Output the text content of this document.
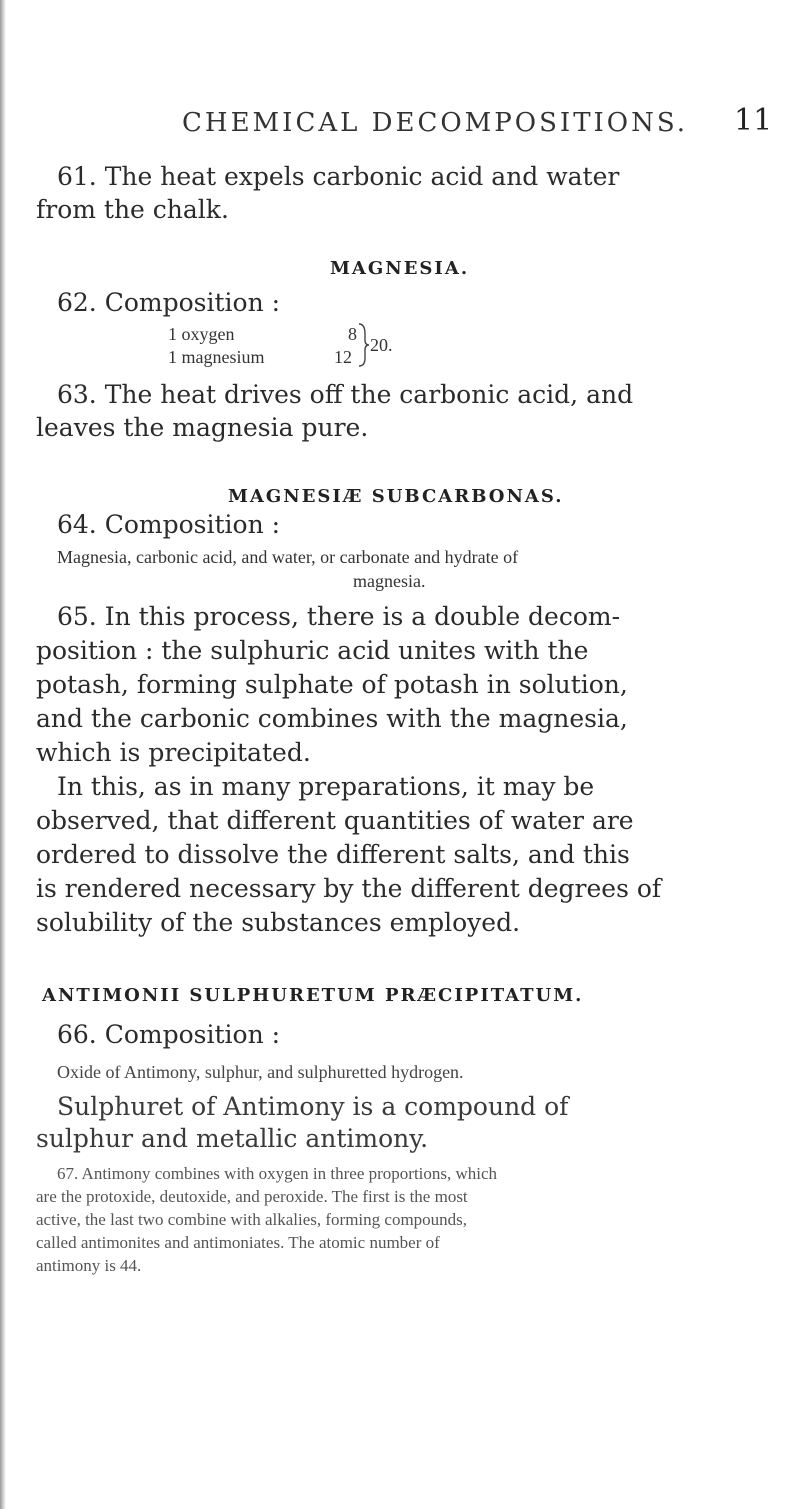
CHEMICAL DECOMPOSITIONS. 11
61. The heat expels carbonic acid and water
from the chalk.
MAGNESIA.
62. Composition :
1 oxygen	8
1 magnesium	12
20.
63. The heat drives off the carbonic acid, and
leaves the magnesia pure.
MAGNESIÆ SUBCARBONAS.
64. Composition :
Magnesia, carbonic acid, and water, or carbonate and hydrate of
magnesia.
65. In this process, there is a double decom-
position : the sulphuric acid unites with the
potash, forming sulphate of potash in solution,
and the carbonic combines with the magnesia,
which is precipitated.
In this, as in many preparations, it may be
observed, that different quantities of water are
ordered to dissolve the different salts, and this
is rendered necessary by the different degrees of
solubility of the substances employed.
ANTIMONII SULPHURETUM PRÆCIPITATUM.
66. Composition :
Oxide of Antimony, sulphur, and sulphuretted hydrogen.
Sulphuret of Antimony is a compound of
sulphur and metallic antimony.
67. Antimony combines with oxygen in three proportions, which
are the protoxide, deutoxide, and peroxide. The first is the most
active, the last two combine with alkalies, forming compounds,
called antimonites and antimoniates. The atomic number of
antimony is 44.
